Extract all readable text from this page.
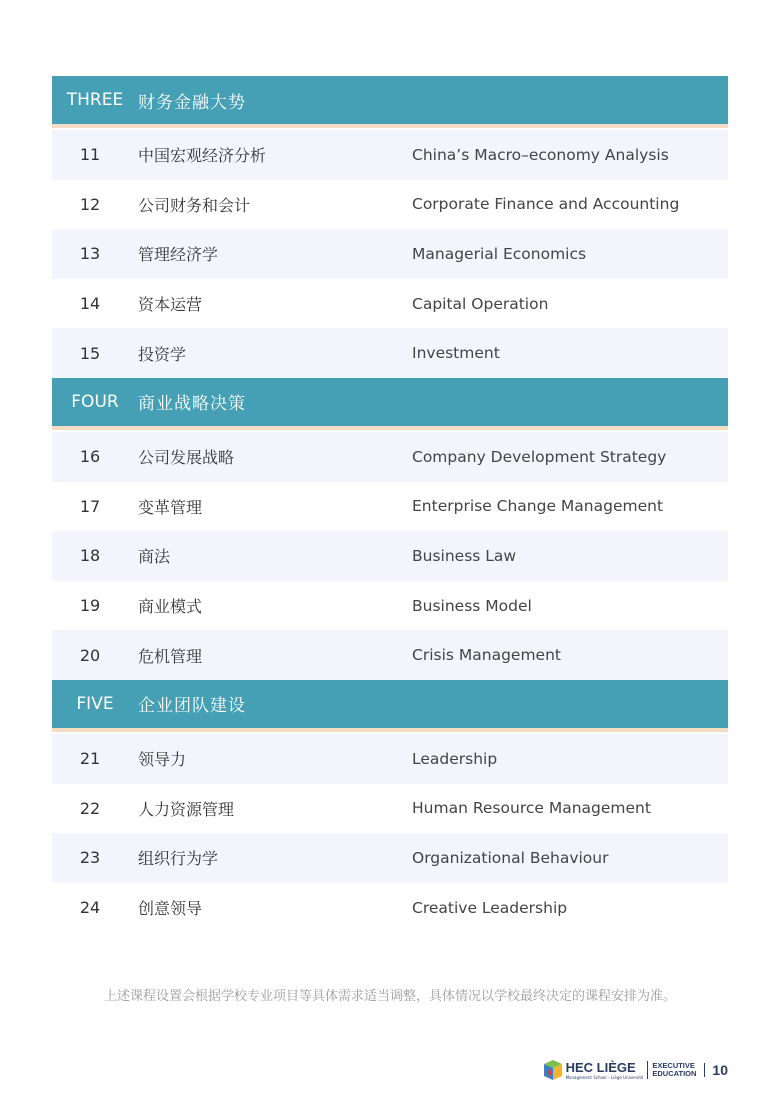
THREE 财务金融大势
11	中国宏观经济分析	China’s Macro–economy Analysis
12	公司财务和会计	Corporate Finance and Accounting
13	管理经济学	Managerial Economics
14	资本运营	Capital Operation
15	投资学	Investment
FOUR	商业战略决策
16	公司发展战略	Company Development Strategy
17	变革管理	Enterprise Change Management
18	商法	Business Law
19	商业模式	Business Model
20	危机管理	Crisis Management
FIVE	企业团队建设
21	领导力	Leadership
22	人力资源管理	Human Resource Management
23	组织行为学	Organizational Behaviour
24	创意领导	Creative Leadership
上述课程设置会根据学校专业项目等具体需求适当调整，具体情况以学校最终决定的课程安排为准。
HEC LIÈGE
Management School – Liège Université
EXECUTIVE
EDUCATION 10
